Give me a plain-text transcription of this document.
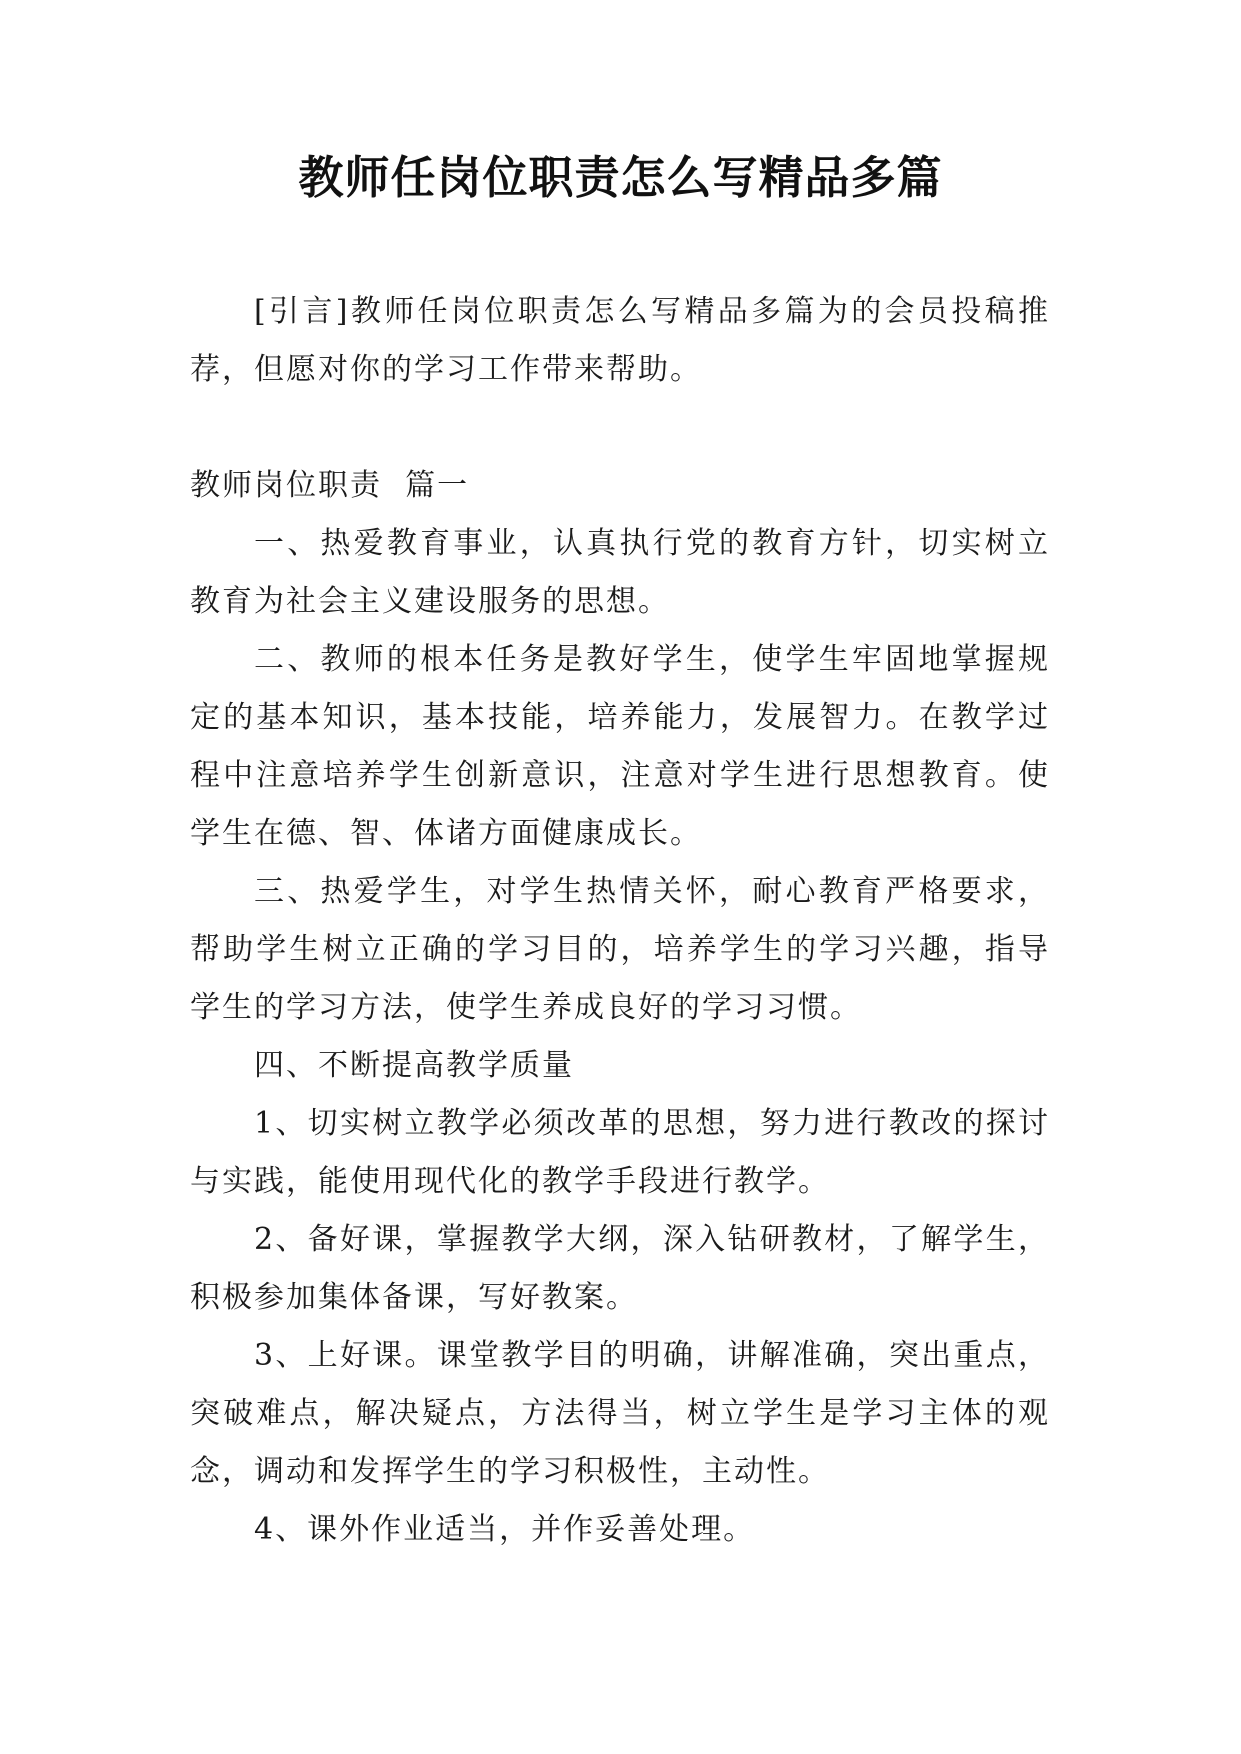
教师任岗位职责怎么写精品多篇

[引言]教师任岗位职责怎么写精品多篇为的会员投稿推荐，但愿对你的学习工作带来帮助。

教师岗位职责  篇一

一、热爱教育事业，认真执行党的教育方针，切实树立教育为社会主义建设服务的思想。

二、教师的根本任务是教好学生，使学生牢固地掌握规定的基本知识，基本技能，培养能力，发展智力。在教学过程中注意培养学生创新意识，注意对学生进行思想教育。使学生在德、智、体诸方面健康成长。

三、热爱学生，对学生热情关怀，耐心教育严格要求，帮助学生树立正确的学习目的，培养学生的学习兴趣，指导学生的学习方法，使学生养成良好的学习习惯。

四、不断提高教学质量

1、切实树立教学必须改革的思想，努力进行教改的探讨与实践，能使用现代化的教学手段进行教学。

2、备好课，掌握教学大纲，深入钻研教材，了解学生，积极参加集体备课，写好教案。

3、上好课。课堂教学目的明确，讲解准确，突出重点，突破难点，解决疑点，方法得当，树立学生是学习主体的观念，调动和发挥学生的学习积极性，主动性。

4、课外作业适当，并作妥善处理。
